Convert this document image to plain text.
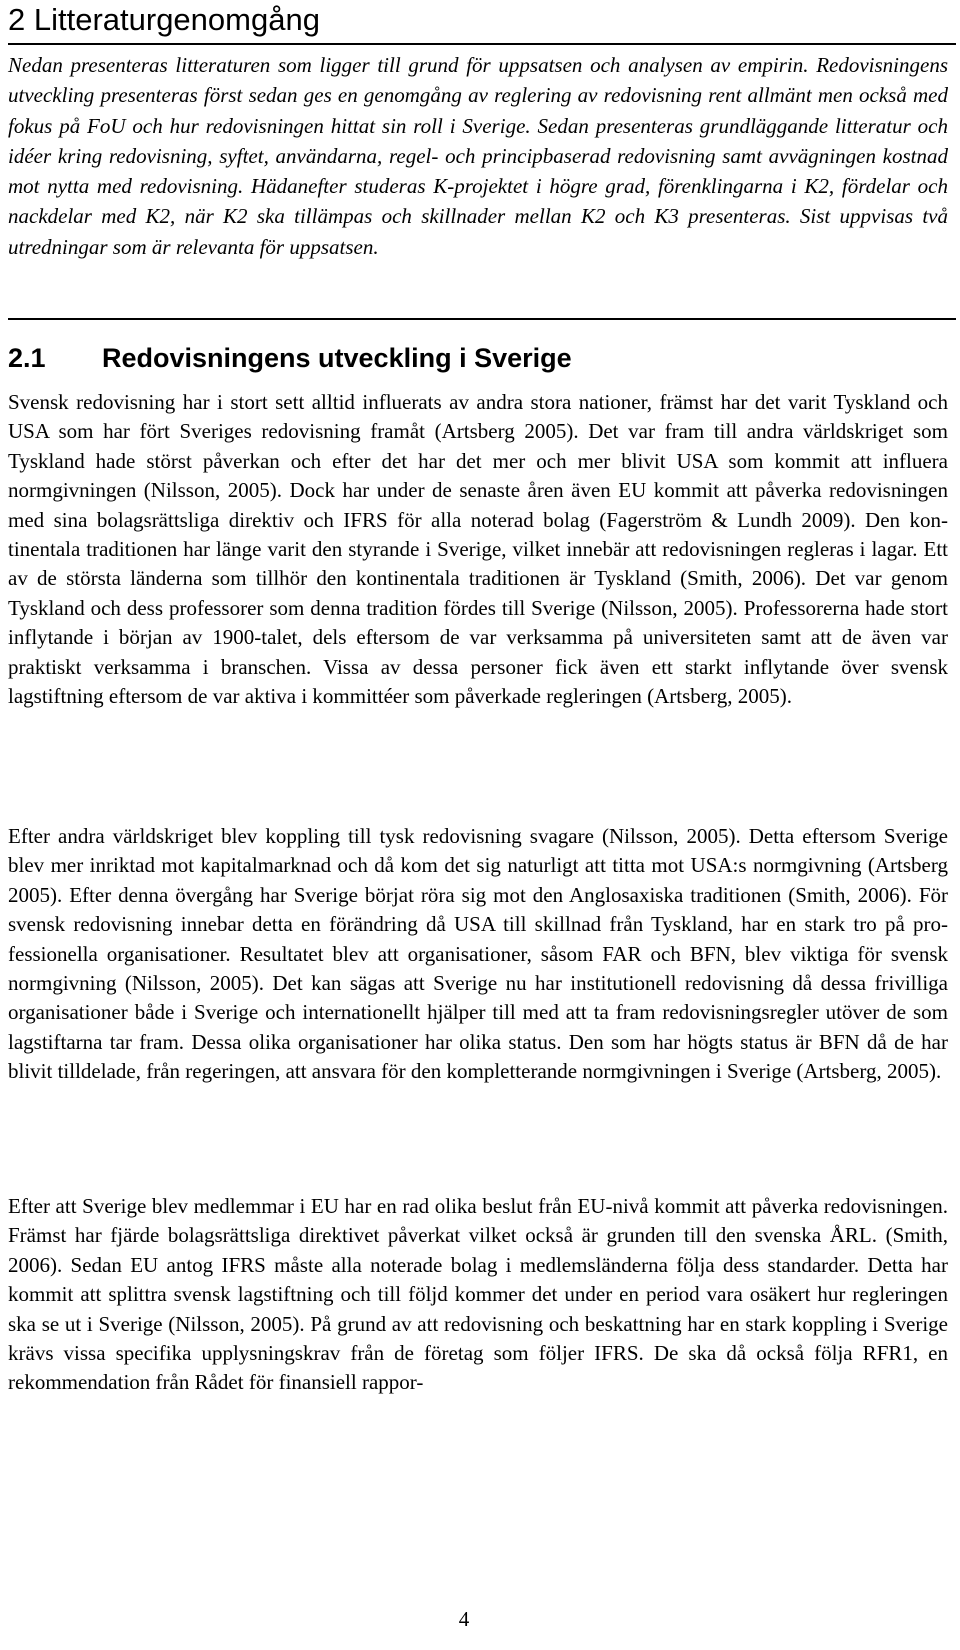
2 Litteraturgenomgång

Nedan presenteras litteraturen som ligger till grund för uppsatsen och analysen av empirin. Redovisningens utveckling presenteras först sedan ges en genomgång av reglering av redovisning rent allmänt men också med fokus på FoU och hur redovisningen hittat sin roll i Sverige. Sedan presenteras grundläggande litteratur och idéer kring redovisning, syftet, användarna, regel- och principbaserad redovisning samt avvägningen kostnad mot nytta med redovisning. Hädanefter studeras K-projektet i högre grad, förenklingarna i K2, fördelar och nackdelar med K2, när K2 ska tillämpas och skillnader mellan K2 och K3 presenteras. Sist uppvisas två utredningar som är relevanta för uppsatsen.

2.1 Redovisningens utveckling i Sverige

Svensk redovisning har i stort sett alltid influerats av andra stora nationer, främst har det varit Tyskland och USA som har fört Sveriges redovisning framåt (Artsberg 2005). Det var fram till andra världskriget som Tyskland hade störst påverkan och efter det har det mer och mer blivit USA som kommit att influera normgivningen (Nilsson, 2005). Dock har under de senaste åren även EU kommit att påverka redovisningen med sina bolagsrättsliga direktiv och IFRS för alla noterad bolag (Fagerström & Lundh 2009). Den kontinentala traditionen har länge varit den styrande i Sverige, vilket innebär att redovisningen regleras i lagar. Ett av de största länderna som tillhör den kontinentala traditionen är Tyskland (Smith, 2006). Det var genom Tyskland och dess professorer som denna tradition fördes till Sverige (Nilsson, 2005). Professorerna hade stort inflytande i början av 1900-talet, dels eftersom de var verksamma på universiteten samt att de även var praktiskt verksamma i branschen. Vissa av dessa personer fick även ett starkt inflytande över svensk lagstiftning eftersom de var aktiva i kommittéer som påverkade regleringen (Artsberg, 2005).

Efter andra världskriget blev koppling till tysk redovisning svagare (Nilsson, 2005). Detta eftersom Sverige blev mer inriktad mot kapitalmarknad och då kom det sig naturligt att titta mot USA:s normgivning (Artsberg 2005). Efter denna övergång har Sverige börjat röra sig mot den Anglosaxiska traditionen (Smith, 2006). För svensk redovisning innebar detta en förändring då USA till skillnad från Tyskland, har en stark tro på professionella organisationer. Resultatet blev att organisationer, såsom FAR och BFN, blev viktiga för svensk normgivning (Nilsson, 2005). Det kan sägas att Sverige nu har institutionell redovisning då dessa frivilliga organisationer både i Sverige och internationellt hjälper till med att ta fram redovisningsregler utöver de som lagstiftarna tar fram. Dessa olika organisationer har olika status. Den som har högts status är BFN då de har blivit tilldelade, från regeringen, att ansvara för den kompletterande normgivningen i Sverige (Artsberg, 2005).

Efter att Sverige blev medlemmar i EU har en rad olika beslut från EU-nivå kommit att påverka redovisningen. Främst har fjärde bolagsrättsliga direktivet påverkat vilket också är grunden till den svenska ÅRL. (Smith, 2006). Sedan EU antog IFRS måste alla noterade bolag i medlemsländerna följa dess standarder. Detta har kommit att splittra svensk lagstiftning och till följd kommer det under en period vara osäkert hur regleringen ska se ut i Sverige (Nilsson, 2005). På grund av att redovisning och beskattning har en stark koppling i Sverige krävs vissa specifika upplysningskrav från de företag som följer IFRS. De ska då också följa RFR1, en rekommendation från Rådet för finansiell rappor-

4
